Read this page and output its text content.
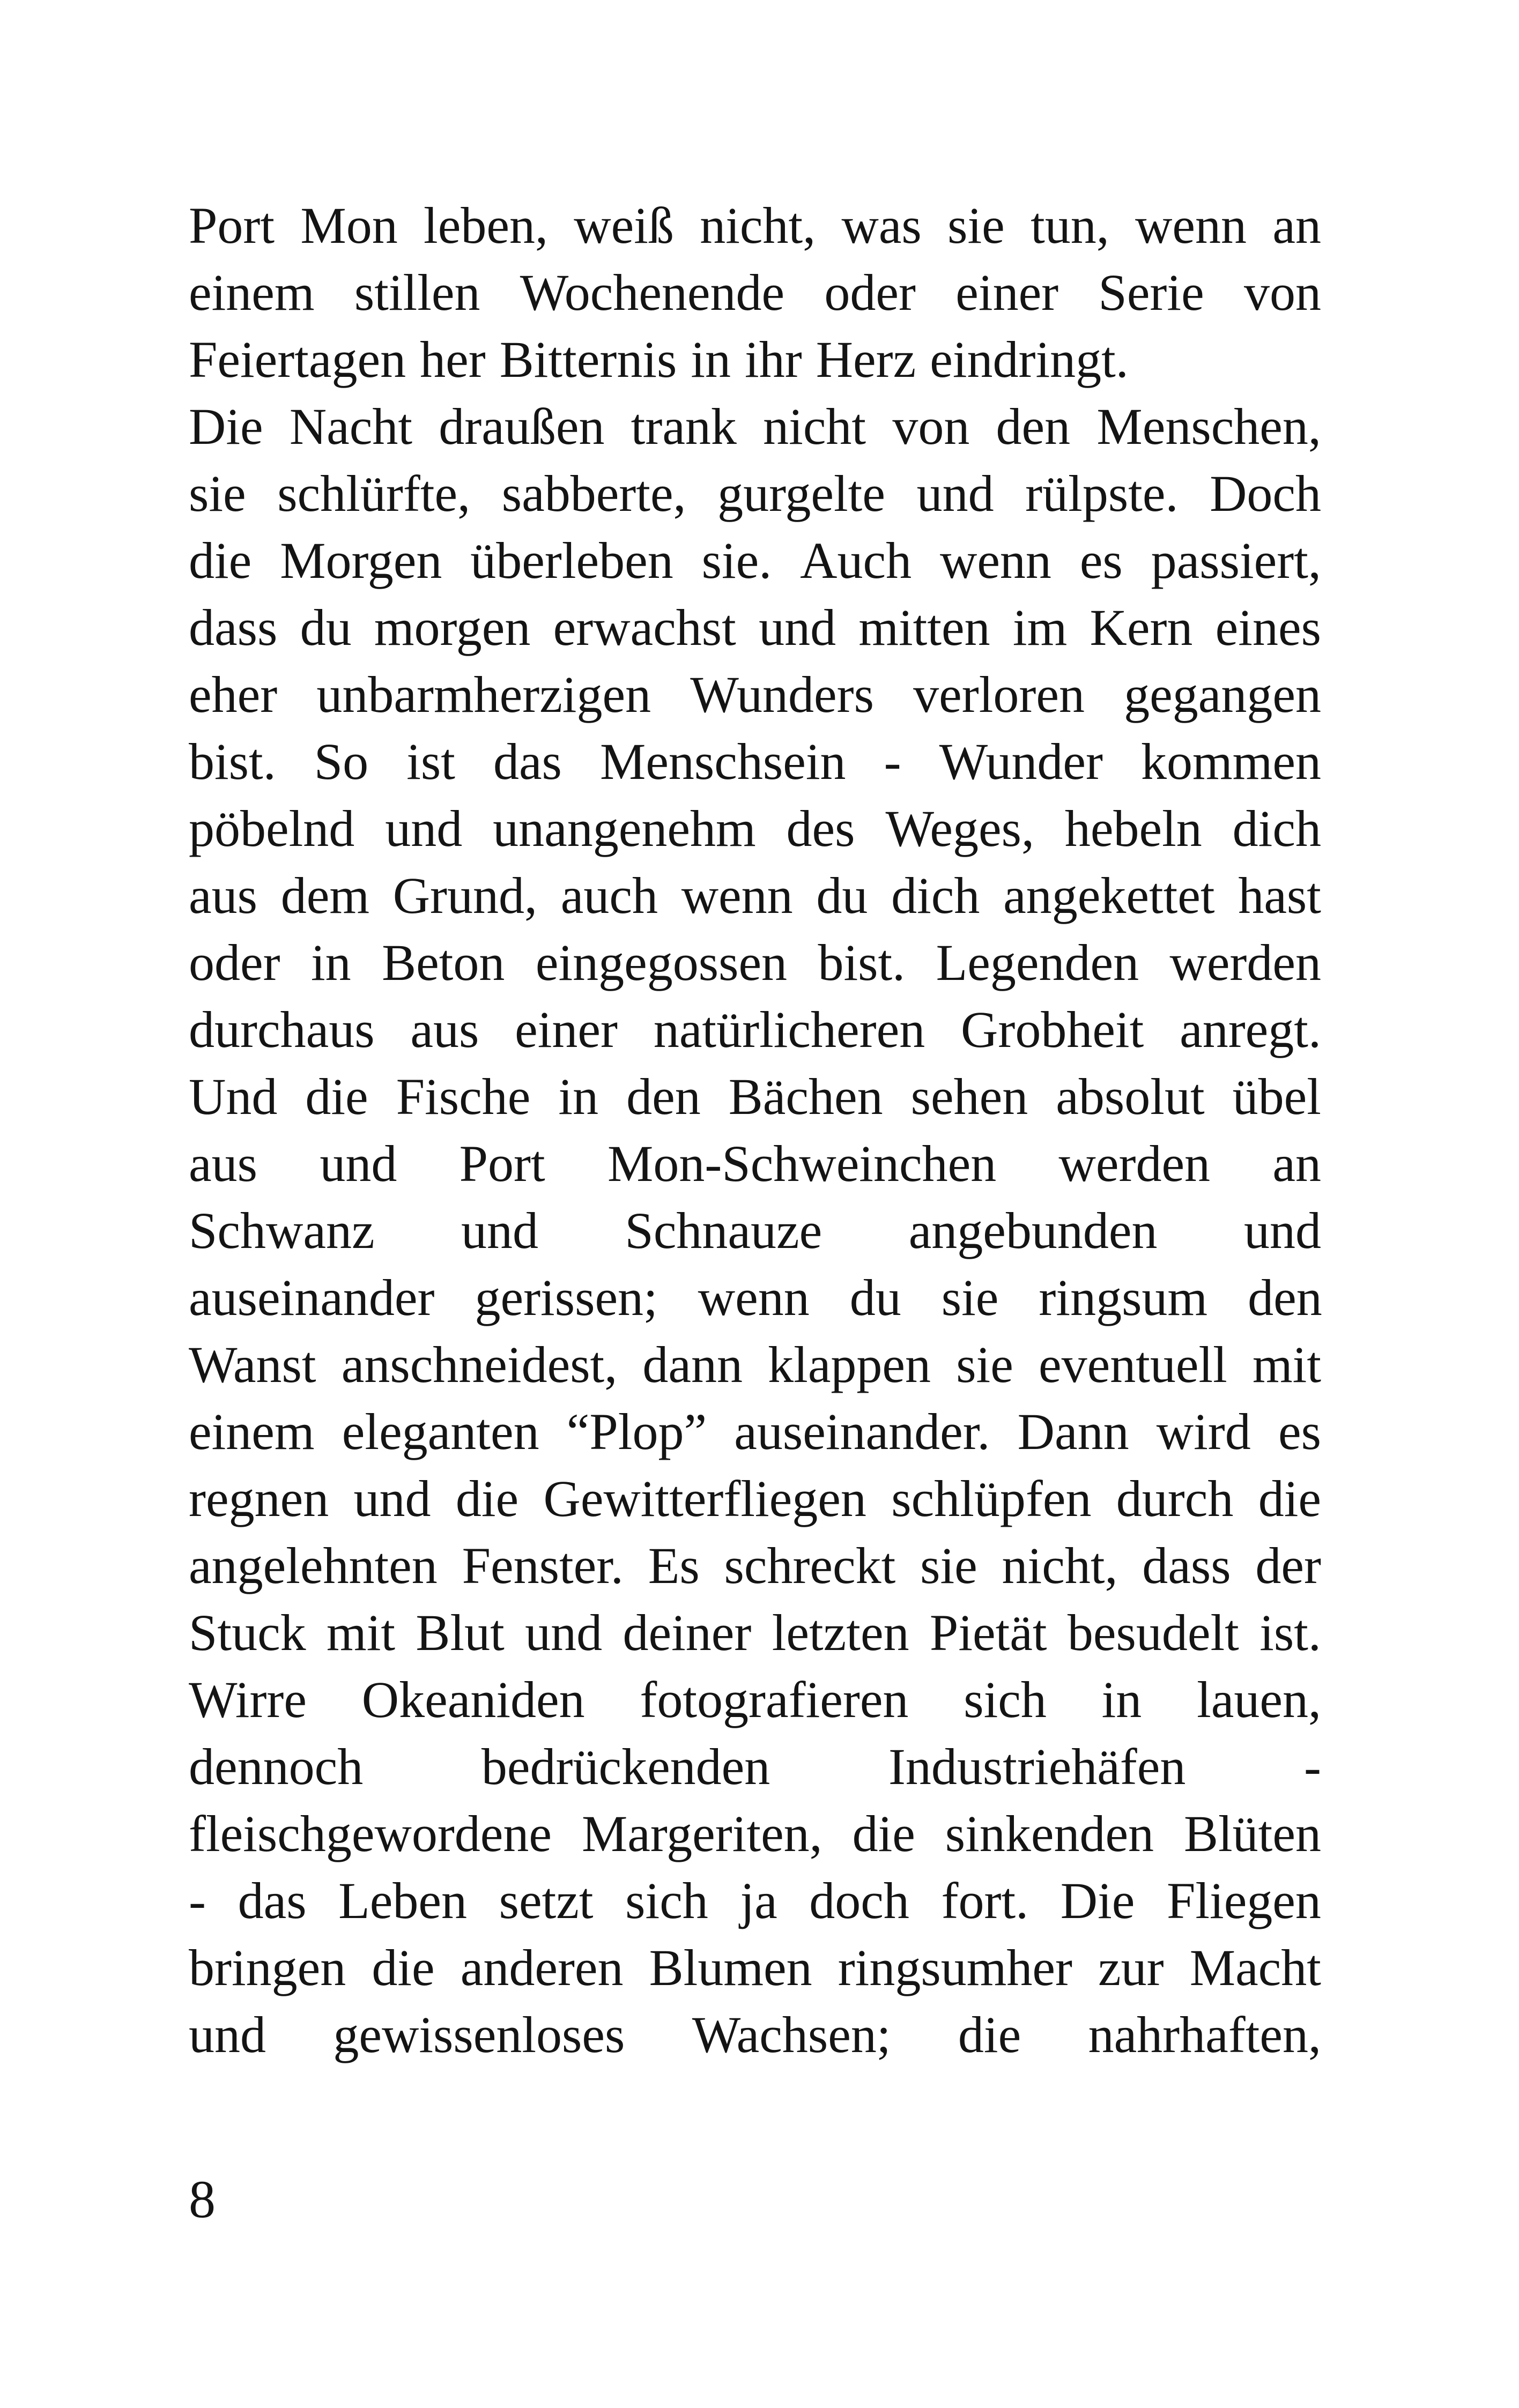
Port Mon leben, weiß nicht, was sie tun, wenn an
einem stillen Wochenende oder einer Serie von
Feiertagen her Bitternis in ihr Herz eindringt.
Die Nacht draußen trank nicht von den Menschen,
sie schlürfte, sabberte, gurgelte und rülpste. Doch
die Morgen überleben sie. Auch wenn es passiert,
dass du morgen erwachst und mitten im Kern eines
eher unbarmherzigen Wunders verloren gegangen
bist. So ist das Menschsein - Wunder kommen
pöbelnd und unangenehm des Weges, hebeln dich
aus dem Grund, auch wenn du dich angekettet hast
oder in Beton eingegossen bist. Legenden werden
durchaus aus einer natürlicheren Grobheit anregt.
Und die Fische in den Bächen sehen absolut übel
aus und Port Mon-Schweinchen werden an
Schwanz und Schnauze angebunden und
auseinander gerissen; wenn du sie ringsum den
Wanst anschneidest, dann klappen sie eventuell mit
einem eleganten “Plop” auseinander. Dann wird es
regnen und die Gewitterfliegen schlüpfen durch die
angelehnten Fenster. Es schreckt sie nicht, dass der
Stuck mit Blut und deiner letzten Pietät besudelt ist.
Wirre Okeaniden fotografieren sich in lauen,
dennoch bedrückenden Industriehäfen -
fleischgewordene Margeriten, die sinkenden Blüten
- das Leben setzt sich ja doch fort. Die Fliegen
bringen die anderen Blumen ringsumher zur Macht
und gewissenloses Wachsen; die nahrhaften,
8
